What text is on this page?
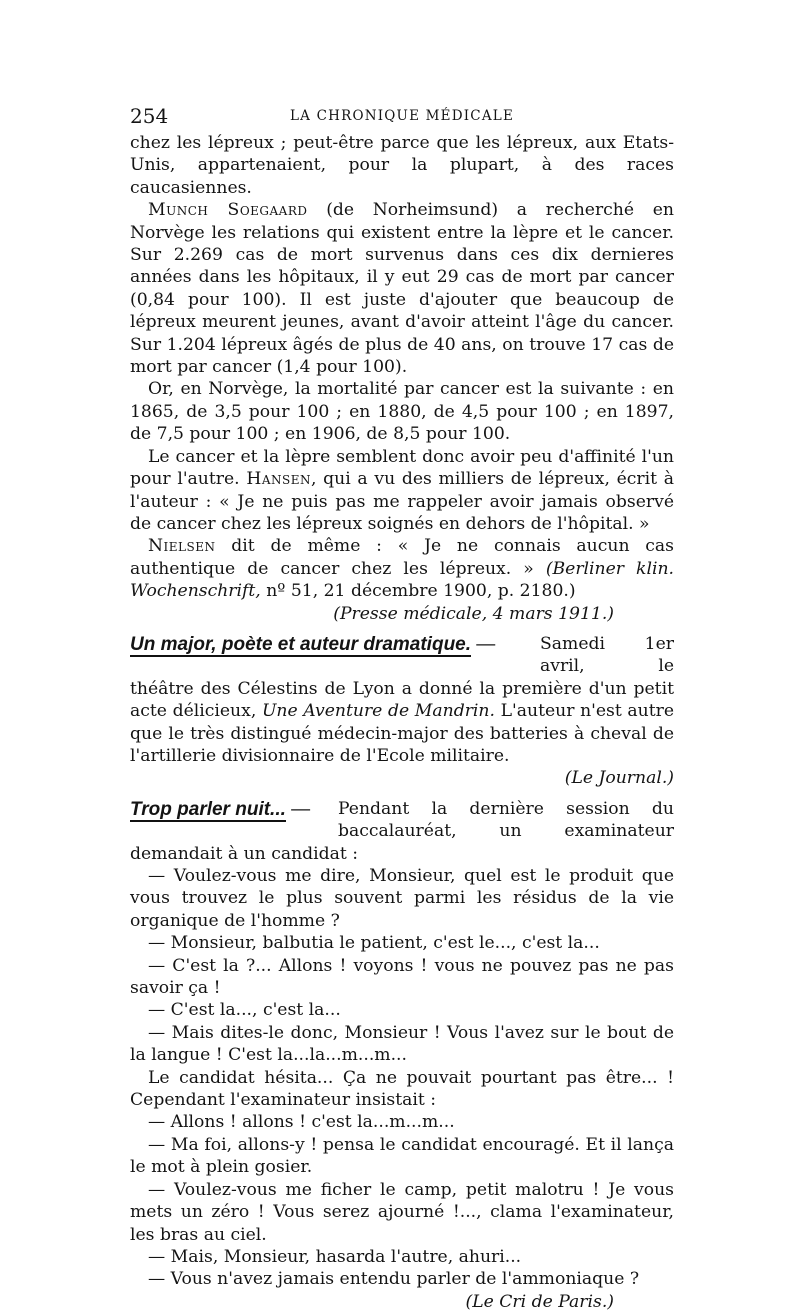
254	LA CHRONIQUE MÉDICALE

chez les lépreux ; peut-être parce que les lépreux, aux Etats-Unis, appartenaient, pour la plupart, à des races caucasiennes.

Munch Soegaard (de Norheimsund) a recherché en Norvège les relations qui existent entre la lèpre et le cancer. Sur 2.269 cas de mort survenus dans ces dix dernieres années dans les hôpitaux, il y eut 29 cas de mort par cancer (0,84 pour 100). Il est juste d'ajouter que beaucoup de lépreux meurent jeunes, avant d'avoir atteint l'âge du cancer. Sur 1.204 lépreux âgés de plus de 40 ans, on trouve 17 cas de mort par cancer (1,4 pour 100).

Or, en Norvège, la mortalité par cancer est la suivante : en 1865, de 3,5 pour 100 ; en 1880, de 4,5 pour 100 ; en 1897, de 7,5 pour 100 ; en 1906, de 8,5 pour 100.

Le cancer et la lèpre semblent donc avoir peu d'affinité l'un pour l'autre. Hansen, qui a vu des milliers de lépreux, écrit à l'auteur : « Je ne puis pas me rappeler avoir jamais observé de cancer chez les lépreux soignés en dehors de l'hôpital. »

Nielsen dit de même : « Je ne connais aucun cas authentique de cancer chez les lépreux. » (Berliner klin. Wochenschrift, nº 51, 21 décembre 1900, p. 2180.)

(Presse médicale, 4 mars 1911.)

Un major, poète et auteur dramatique. —	Samedi 1er avril, le théâtre des Célestins de Lyon a donné la première d'un petit acte délicieux, Une Aventure de Mandrin. L'auteur n'est autre que le très distingué médecin-major des batteries à cheval de l'artillerie divisionnaire de l'Ecole militaire.

(Le Journal.)

Trop parler nuit... —	Pendant la dernière session du baccalauréat, un examinateur demandait à un candidat :

— Voulez-vous me dire, Monsieur, quel est le produit que vous trouvez le plus souvent parmi les résidus de la vie organique de l'homme ?

— Monsieur, balbutia le patient, c'est le..., c'est la...

— C'est la ?... Allons ! voyons ! vous ne pouvez pas ne pas savoir ça !

— C'est la..., c'est la...

— Mais dites-le donc, Monsieur ! Vous l'avez sur le bout de la langue ! C'est la...la...m...m...

Le candidat hésita... Ça ne pouvait pourtant pas être... ! Cependant l'examinateur insistait :

— Allons ! allons ! c'est la...m...m...

— Ma foi, allons-y ! pensa le candidat encouragé. Et il lança le mot à plein gosier.

— Voulez-vous me ficher le camp, petit malotru ! Je vous mets un zéro ! Vous serez ajourné !..., clama l'examinateur, les bras au ciel.

— Mais, Monsieur, hasarda l'autre, ahuri...

— Vous n'avez jamais entendu parler de l'ammoniaque ?

(Le Cri de Paris.)
